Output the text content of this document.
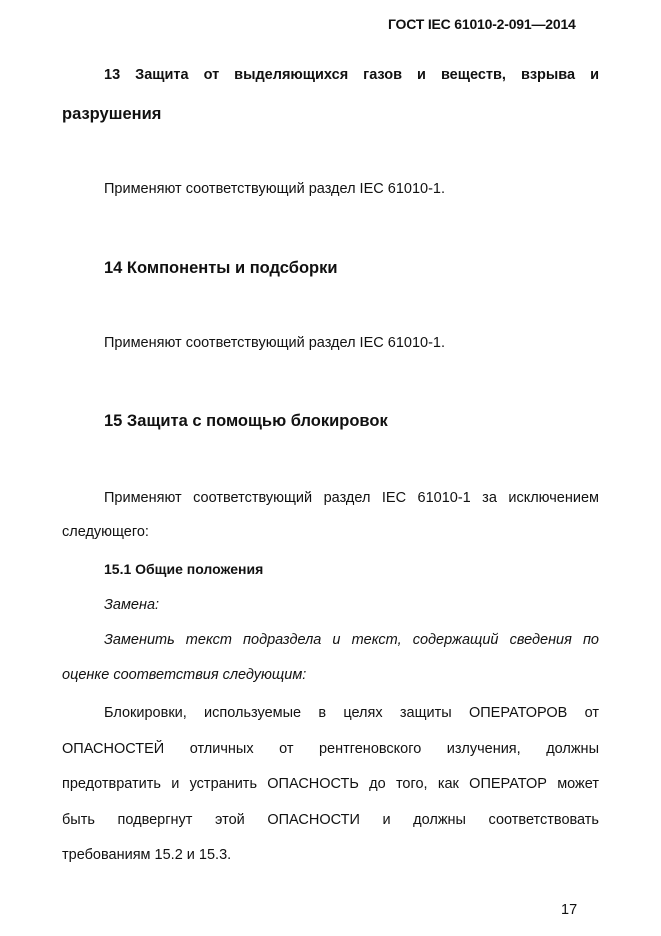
ГОСТ IEC 61010-2-091—2014
13 Защита от выделяющихся газов и веществ, взрыва и
разрушения
Применяют соответствующий раздел IEC 61010-1.
14 Компоненты и подсборки
Применяют соответствующий раздел IEC 61010-1.
15 Защита с помощью блокировок
Применяют соответствующий раздел IEC 61010-1 за исключением
следующего:
15.1 Общие положения
Замена:
Заменить текст подраздела и текст, содержащий сведения по
оценке соответствия следующим:
Блокировки, используемые в целях защиты ОПЕРАТОРОВ от
ОПАСНОСТЕЙ отличных от рентгеновского излучения, должны
предотвратить и устранить ОПАСНОСТЬ до того, как ОПЕРАТОР может
быть подвергнут этой ОПАСНОСТИ и должны соответствовать
требованиям 15.2 и 15.3.
17
